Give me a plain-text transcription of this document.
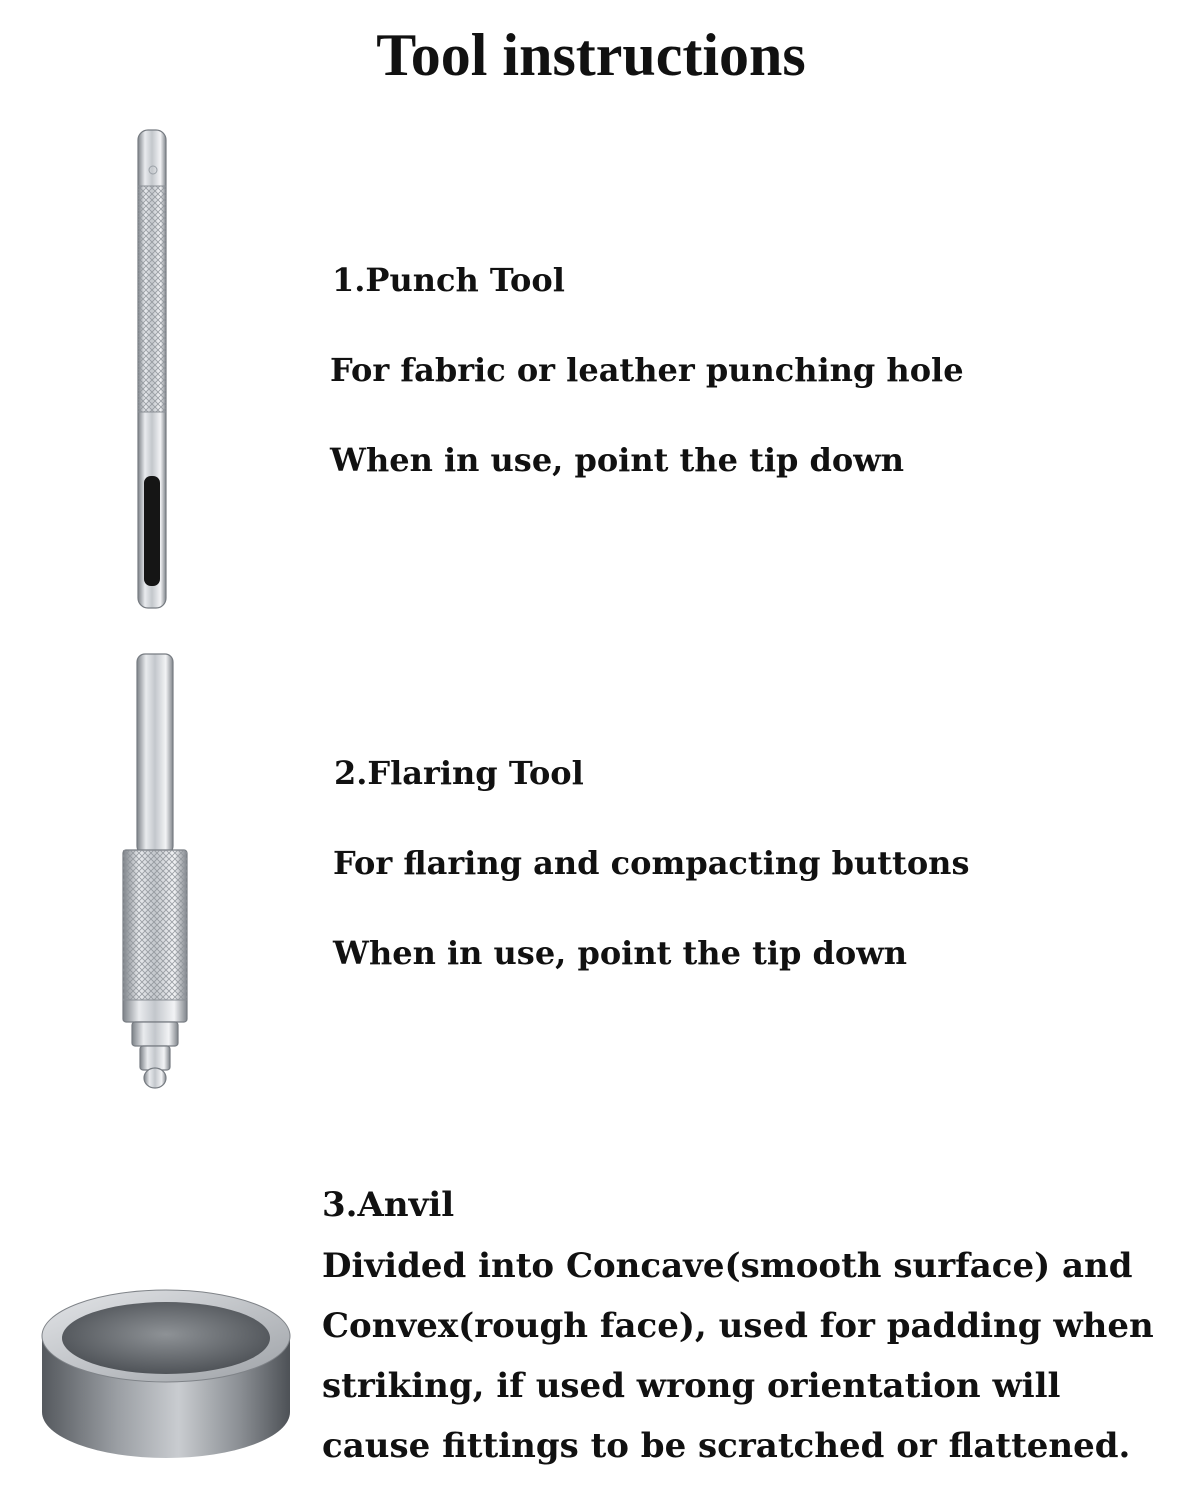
Tool instructions

1.Punch Tool

For fabric or leather punching hole

When in use, point the tip down

2.Flaring Tool

For flaring and compacting buttons

When in use, point the tip down

3.Anvil

Divided into Concave(smooth surface) and

Convex(rough face), used for padding when

striking, if used wrong orientation will

cause fittings to be scratched or flattened.
